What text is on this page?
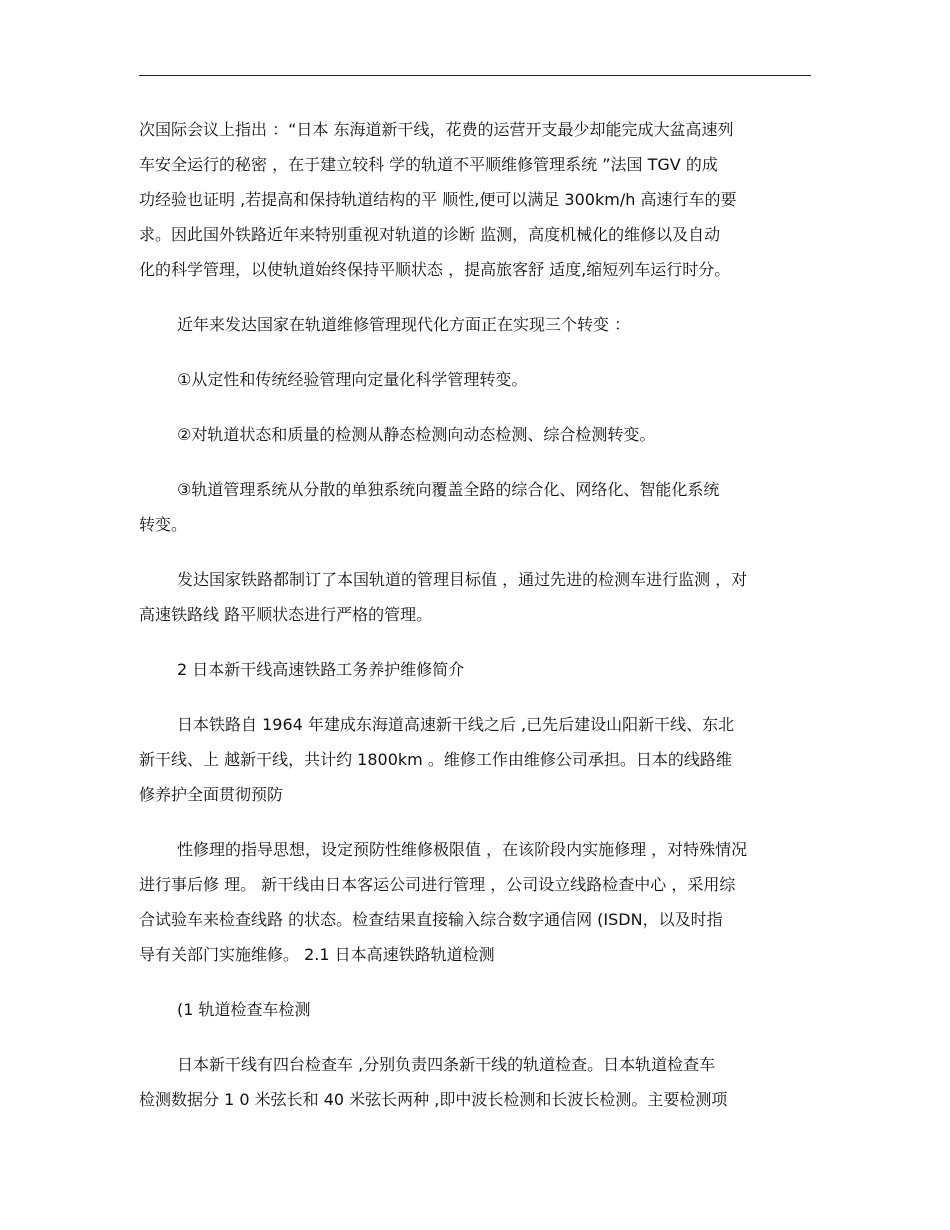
次国际会议上指出 ：“日本 东海道新干线，花费的运营开支最少却能完成大盆高速列
车安全运行的秘密 ，在于建立较科 学的轨道不平顺维修管理系统 ”法国 TGV 的成
功经验也证明 ,若提高和保持轨道结构的平 顺性,便可以满足 300km/h 高速行车的要
求。因此国外铁路近年来特别重视对轨道的诊断 监测，高度机械化的维修以及自动
化的科学管理，以使轨道始终保持平顺状态 ，提高旅客舒 适度,缩短列车运行时分。
近年来发达国家在轨道维修管理现代化方面正在实现三个转变 ：
①从定性和传统经验管理向定量化科学管理转变。
②对轨道状态和质量的检测从静态检测向动态检测、综合检测转变。
③轨道管理系统从分散的单独系统向覆盖全路的综合化、网络化、智能化系统
转变。
发达国家铁路都制订了本国轨道的管理目标值 ，通过先进的检测车进行监测 ，对
高速铁路线 路平顺状态进行严格的管理。
2 日本新干线高速铁路工务养护维修简介
日本铁路自 1964 年建成东海道高速新干线之后 ,已先后建设山阳新干线、东北
新干线、上 越新干线，共计约 1800km 。维修工作由维修公司承担。日本的线路维
修养护全面贯彻预防
性修理的指导思想，设定预防性维修极限值 ，在该阶段内实施修理 ，对特殊情况
进行事后修 理。 新干线由日本客运公司进行管理 ，公司设立线路检查中心 ，采用综
合试验车来检查线路 的状态。检查结果直接输入综合数字通信网 (ISDN，以及时指
导有关部门实施维修。 2.1 日本高速铁路轨道检测
(1 轨道检查车检测
日本新干线有四台检查车 ,分别负责四条新干线的轨道检查。日本轨道检查车
检测数据分 1 0 米弦长和 40 米弦长两种 ,即中波长检测和长波长检测。主要检测项
